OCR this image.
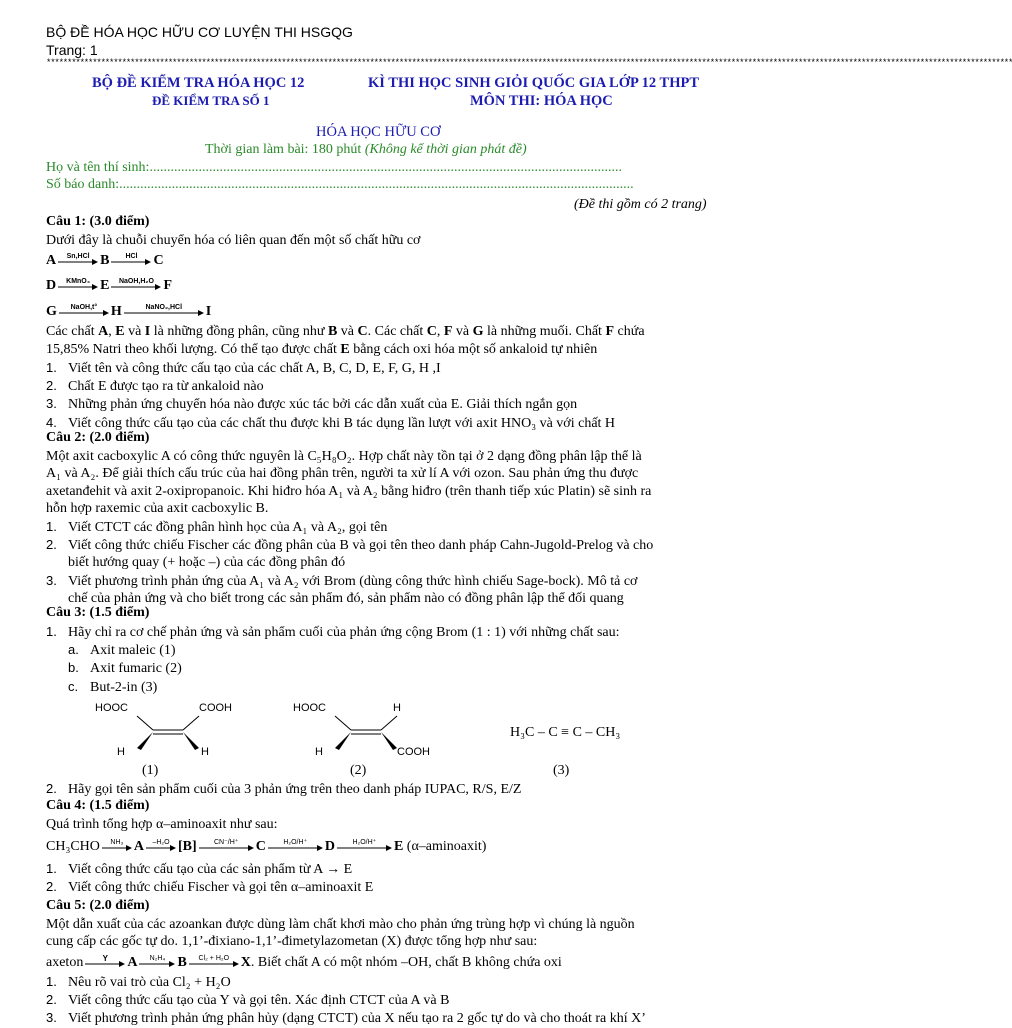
BỘ ĐỀ HÓA HỌC HỮU CƠ LUYỆN THI HSGQG
Trang: 1
**************************************************************************************************************************************************************************************************************************************
BỘ ĐỀ KIỂM TRA HÓA HỌC 12
ĐỀ KIỂM TRA SỐ 1
KÌ THI HỌC SINH GIỎI QUỐC GIA LỚP 12 THPT
MÔN THI: HÓA HỌC
HÓA HỌC HỮU CƠ
Thời gian làm bài: 180 phút (Không kể thời gian phát đề)
Họ và tên thí sinh:.......................................................................................................................................
Số báo danh:...................................................................................................................................................
(Đề thi gồm có 2 trang)
Câu 1: (3.0 điểm)
Dưới đây là chuỗi chuyển hóa có liên quan đến một số chất hữu cơ
A	Sn,HCl B	HCl	C
D	KMnO₄ E	NaOH,H₂O F
G	NaOH,t° H	NaNO₂,HCl	I
Các chất A, E và I là những đồng phân, cũng như B và C. Các chất C, F và G là những muối. Chất F chứa
15,85% Natri theo khối lượng. Có thể tạo được chất E bằng cách oxi hóa một số ankaloid tự nhiên
1. Viết tên và công thức cấu tạo của các chất A, B, C, D, E, F, G, H ,I
2. Chất E được tạo ra từ ankaloid nào
3. Những phản ứng chuyển hóa nào được xúc tác bởi các dẫn xuất của E. Giải thích ngắn gọn
4. Viết công thức cấu tạo của các chất thu được khi B tác dụng lần lượt với axit HNO₃ và với chất H
Câu 2: (2.0 điểm)
Một axit cacboxylic A có công thức nguyên là C₅H₈O₂. Hợp chất này tồn tại ở 2 dạng đồng phân lập thể là
A₁ và A₂. Để giải thích cấu trúc của hai đồng phân trên, người ta xử lí A với ozon. Sau phản ứng thu được
axetanđehit và axit 2-oxipropanoic. Khi hiđro hóa A₁ và A₂ bằng hiđro (trên thanh tiếp xúc Platin) sẽ sinh ra
hỗn hợp raxemic của axit cacboxylic B.
1. Viết CTCT các đồng phân hình học của A₁ và A₂, gọi tên
2. Viết công thức chiếu Fischer các đồng phân của B và gọi tên theo danh pháp Cahn-Jugold-Prelog và cho
biết hướng quay (+ hoặc –) của các đồng phân đó
3. Viết phương trình phản ứng của A₁ và A₂ với Brom (dùng công thức hình chiếu Sage-bock). Mô tả cơ
chế của phản ứng và cho biết trong các sản phẩm đó, sản phẩm nào có đồng phân lập thể đối quang
Câu 3: (1.5 điểm)
1. Hãy chỉ ra cơ chế phản ứng và sản phẩm cuối của phản ứng cộng Brom (1 : 1) với những chất sau:
a. Axit maleic (1)
b. Axit fumaric (2)
c. But-2-in (3)
HOOC	COOH
H	H
(1)
HOOC	H
H	COOH
(2)
H₃C – C ≡ C – CH₃
(3)
2. Hãy gọi tên sản phẩm cuối của 3 phản ứng trên theo danh pháp IUPAC, R/S, E/Z
Câu 4: (1.5 điểm)
Quá trình tổng hợp α–aminoaxit như sau:
CH₃CHO	NH₃ A	–H₂O [B]	CN⁻/H⁺	C	H₂O/H⁺	D	H₂O/H⁺	E (α–aminoaxit)
1. Viết công thức cấu tạo của các sản phẩm từ A → E
2. Viết công thức chiếu Fischer và gọi tên α–aminoaxit E
Câu 5: (2.0 điểm)
Một dẫn xuất của các azoankan được dùng làm chất khơi mào cho phản ứng trùng hợp vì chúng là nguồn
cung cấp các gốc tự do. 1,1’-đixiano-1,1’-đimetylazometan (X) được tổng hợp như sau:
axeton	Y	A	N₂H₄ B	Cl₂ + H₂O X. Biết chất A có một nhóm –OH, chất B không chứa oxi
1. Nêu rõ vai trò của Cl₂ + H₂O
2. Viết công thức cấu tạo của Y và gọi tên. Xác định CTCT của A và B
3. Viết phương trình phản ứng phân hủy (dạng CTCT) của X nếu tạo ra 2 gốc tự do và cho thoát ra khí X’
